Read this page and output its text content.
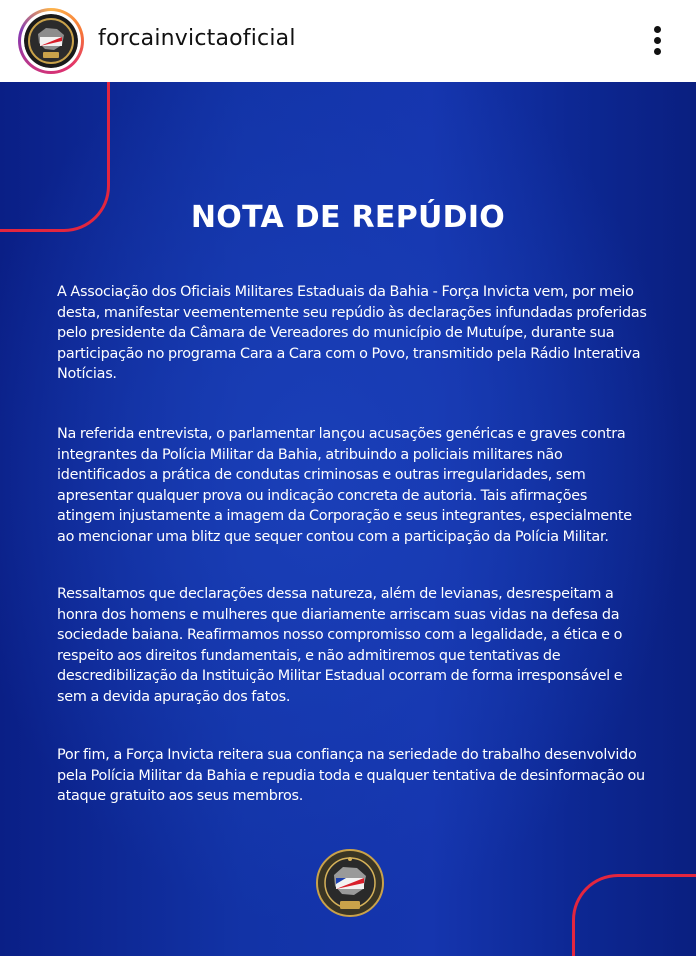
forcainvictaoficial
NOTA DE REPÚDIO
A Associação dos Oficiais Militares Estaduais da Bahia - Força Invicta vem, por meio desta, manifestar veementemente seu repúdio às declarações infundadas proferidas pelo presidente da Câmara de Vereadores do município de Mutuípe, durante sua participação no programa Cara a Cara com o Povo, transmitido pela Rádio Interativa Notícias.
Na referida entrevista, o parlamentar lançou acusações genéricas e graves contra integrantes da Polícia Militar da Bahia, atribuindo a policiais militares não identificados a prática de condutas criminosas e outras irregularidades, sem apresentar qualquer prova ou indicação concreta de autoria. Tais afirmações atingem injustamente a imagem da Corporação e seus integrantes, especialmente ao mencionar uma blitz que sequer contou com a participação da Polícia Militar.
Ressaltamos que declarações dessa natureza, além de levianas, desrespeitam a honra dos homens e mulheres que diariamente arriscam suas vidas na defesa da sociedade baiana. Reafirmamos nosso compromisso com a legalidade, a ética e o respeito aos direitos fundamentais, e não admitiremos que tentativas de descredibilização da Instituição Militar Estadual ocorram de forma irresponsável e sem a devida apuração dos fatos.
Por fim, a Força Invicta reitera sua confiança na seriedade do trabalho desenvolvido pela Polícia Militar da Bahia e repudia toda e qualquer tentativa de desinformação ou ataque gratuito aos seus membros.
